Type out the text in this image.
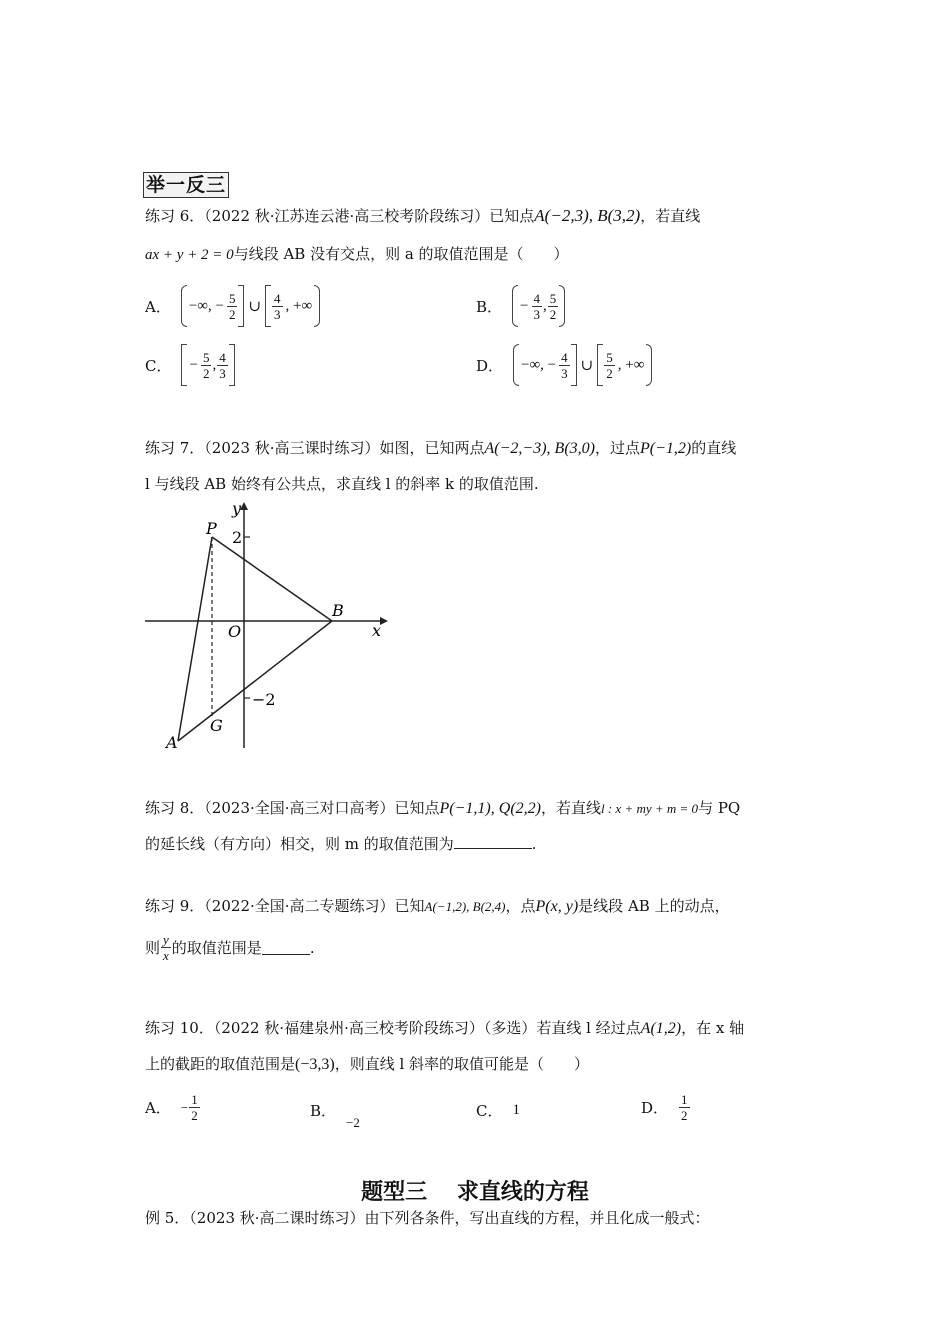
举一反三
练习 6．（2022 秋·江苏连云港·高三校考阶段练习）已知点A(−2,3), B(3,2)，若直线
ax + y + 2 = 0与线段 AB 没有交点，则 a 的取值范围是（　　）
A． −∞, − $\frac{5}{2}$ ∪ $\frac{4}{3}$ , +∞	B． − $\frac{4}{3}$ , $\frac{5}{2}$
C． − $\frac{5}{2}$ , $\frac{4}{3}$	D． −∞, − $\frac{4}{3}$ ∪ $\frac{5}{2}$ , +∞
练习 7．（2023 秋·高三课时练习）如图，已知两点A(−2,−3), B(3,0)，过点P(−1,2)的直线
l 与线段 AB 始终有公共点，求直线 l 的斜率 k 的取值范围.
y
x
O
P
B
A
G
2
−2
练习 8．（2023·全国·高三对口高考）已知点P(−1,1), Q(2,2)，若直线l : x + my + m = 0与 PQ
的延长线（有方向）相交，则 m 的取值范围为	.
练习 9．（2022·全国·高二专题练习）已知A(−1,2), B(2,4)，点P(x, y)是线段 AB 上的动点，
则 $\frac{y}{x}$ 的取值范围是	.
练习 10．（2022 秋·福建泉州·高三校考阶段练习）（多选）若直线 l 经过点A(1,2)，在 x 轴
上的截距的取值范围是(−3,3)，则直线 l 斜率的取值可能是（　　）
A． − $\frac{1}{2}$	B．
−2
C． 1	D． $\frac{1}{2}$
题型三　 求直线的方程
例 5．（2023 秋·高二课时练习）由下列各条件，写出直线的方程，并且化成一般式：
